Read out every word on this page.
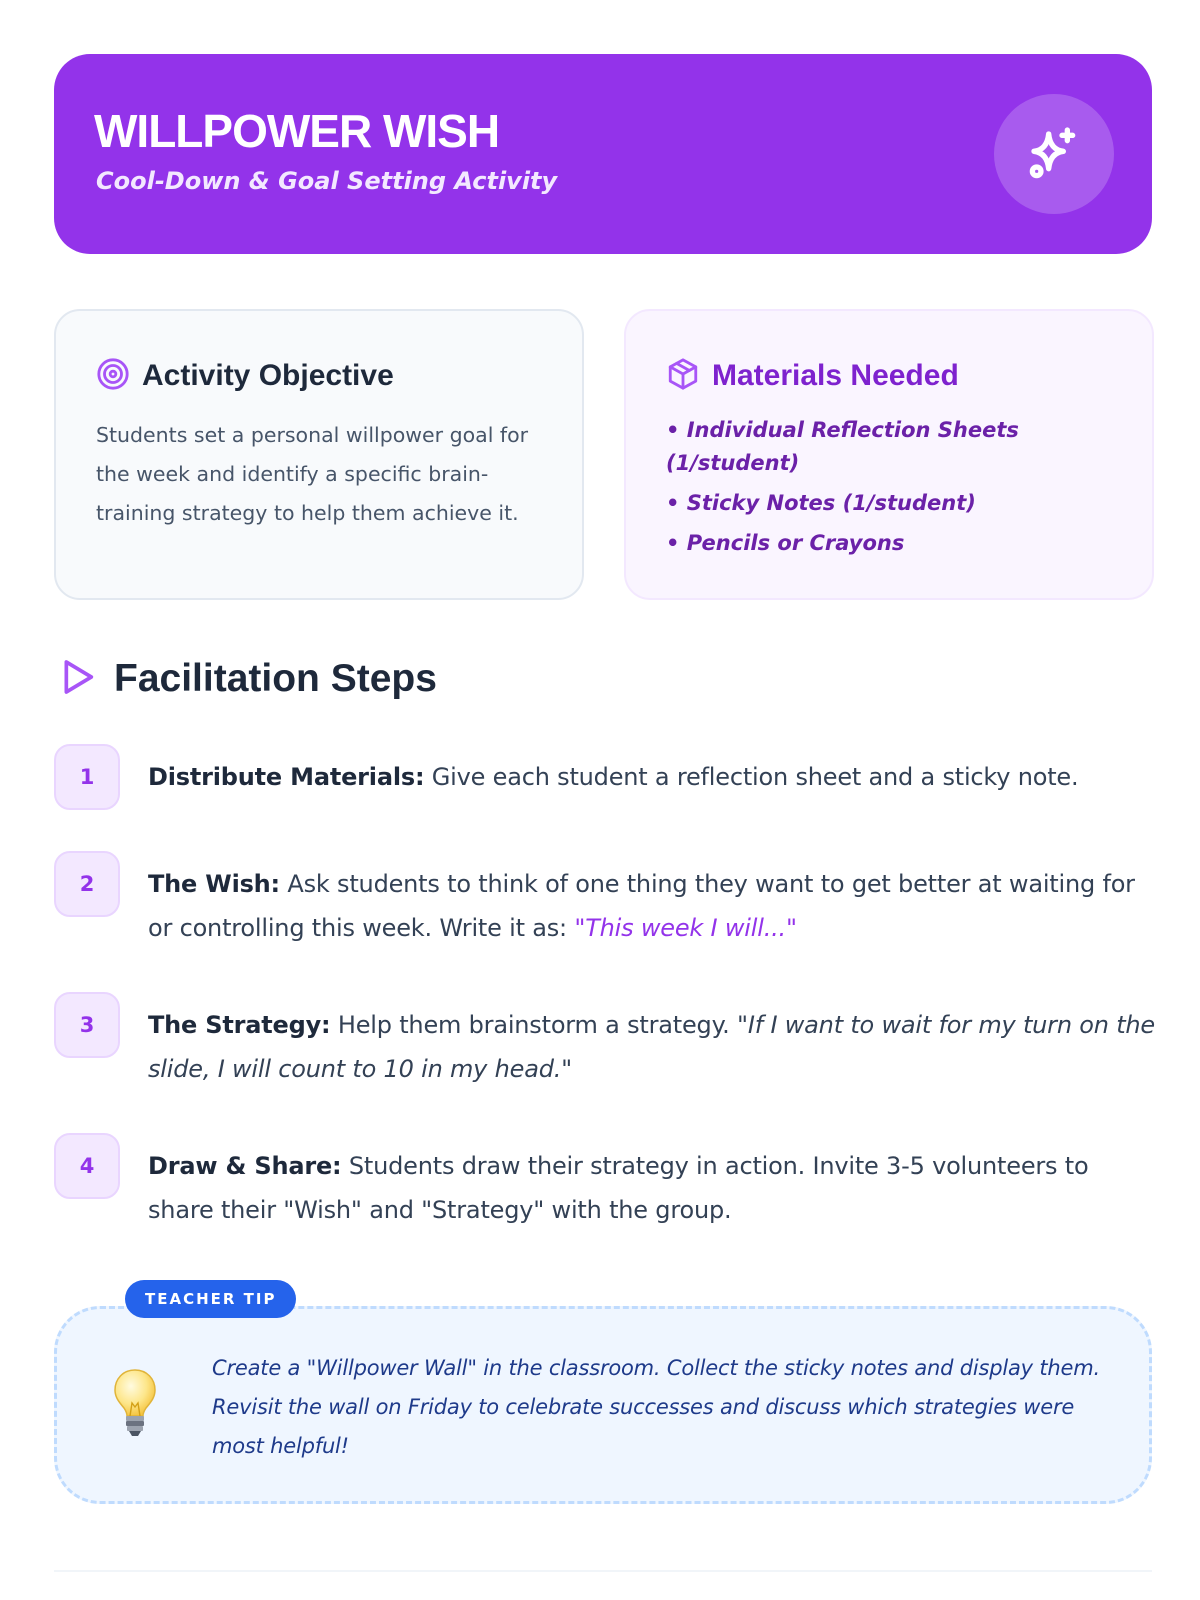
WILLPOWER WISH
Cool-Down & Goal Setting Activity
Activity Objective
Students set a personal willpower goal for the week and identify a specific brain-training strategy to help them achieve it.
Materials Needed
• Individual Reflection Sheets (1/student)
• Sticky Notes (1/student)
• Pencils or Crayons
Facilitation Steps
1	Distribute Materials: Give each student a reflection sheet and a sticky note.
2	The Wish: Ask students to think of one thing they want to get better at waiting for or controlling this week. Write it as: "This week I will..."
3	The Strategy: Help them brainstorm a strategy. "If I want to wait for my turn on the slide, I will count to 10 in my head."
4	Draw & Share: Students draw their strategy in action. Invite 3-5 volunteers to share their "Wish" and "Strategy" with the group.
Create a "Willpower Wall" in the classroom. Collect the sticky notes and display them. Revisit the wall on Friday to celebrate successes and discuss which strategies were most helpful!
TEACHER TIP
